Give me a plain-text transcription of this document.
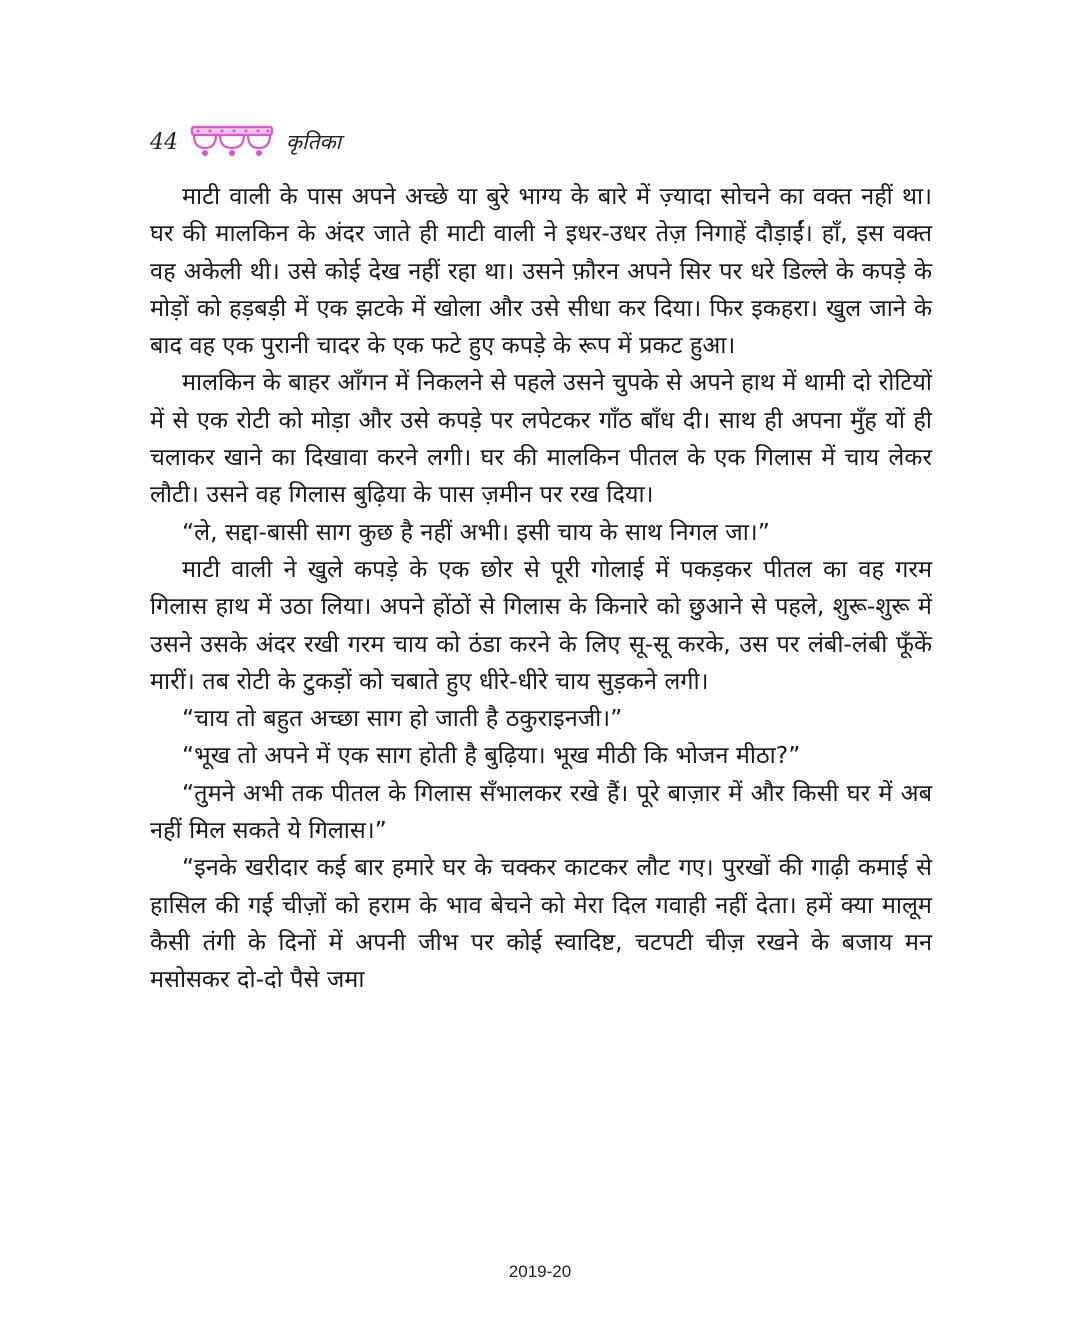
44	कृतिका

माटी वाली के पास अपने अच्छे या बुरे भाग्य के बारे में ज़्यादा सोचने का वक्त नहीं था। घर की मालकिन के अंदर जाते ही माटी वाली ने इधर-उधर तेज़ निगाहें दौड़ाईं। हाँ, इस वक्त वह अकेली थी। उसे कोई देख नहीं रहा था। उसने फ़ौरन अपने सिर पर धरे डिल्ले के कपड़े के मोड़ों को हड़बड़ी में एक झटके में खोला और उसे सीधा कर दिया। फिर इकहरा। खुल जाने के बाद वह एक पुरानी चादर के एक फटे हुए कपड़े के रूप में प्रकट हुआ।

मालकिन के बाहर आँगन में निकलने से पहले उसने चुपके से अपने हाथ में थामी दो रोटियों में से एक रोटी को मोड़ा और उसे कपड़े पर लपेटकर गाँठ बाँध दी। साथ ही अपना मुँह यों ही चलाकर खाने का दिखावा करने लगी। घर की मालकिन पीतल के एक गिलास में चाय लेकर लौटी। उसने वह गिलास बुढ़िया के पास ज़मीन पर रख दिया।

“ले, सद्दा-बासी साग कुछ है नहीं अभी। इसी चाय के साथ निगल जा।”

माटी वाली ने खुले कपड़े के एक छोर से पूरी गोलाई में पकड़कर पीतल का वह गरम गिलास हाथ में उठा लिया। अपने होंठों से गिलास के किनारे को छुआने से पहले, शुरू-शुरू में उसने उसके अंदर रखी गरम चाय को ठंडा करने के लिए सू-सू करके, उस पर लंबी-लंबी फूँकें मारीं। तब रोटी के टुकड़ों को चबाते हुए धीरे-धीरे चाय सुड़कने लगी।

“चाय तो बहुत अच्छा साग हो जाती है ठकुराइनजी।”

“भूख तो अपने में एक साग होती है बुढ़िया। भूख मीठी कि भोजन मीठा?”

“तुमने अभी तक पीतल के गिलास सँभालकर रखे हैं। पूरे बाज़ार में और किसी घर में अब नहीं मिल सकते ये गिलास।”

“इनके खरीदार कई बार हमारे घर के चक्कर काटकर लौट गए। पुरखों की गाढ़ी कमाई से हासिल की गई चीज़ों को हराम के भाव बेचने को मेरा दिल गवाही नहीं देता। हमें क्या मालूम कैसी तंगी के दिनों में अपनी जीभ पर कोई स्वादिष्ट, चटपटी चीज़ रखने के बजाय मन मसोसकर दो-दो पैसे जमा

2019-20
